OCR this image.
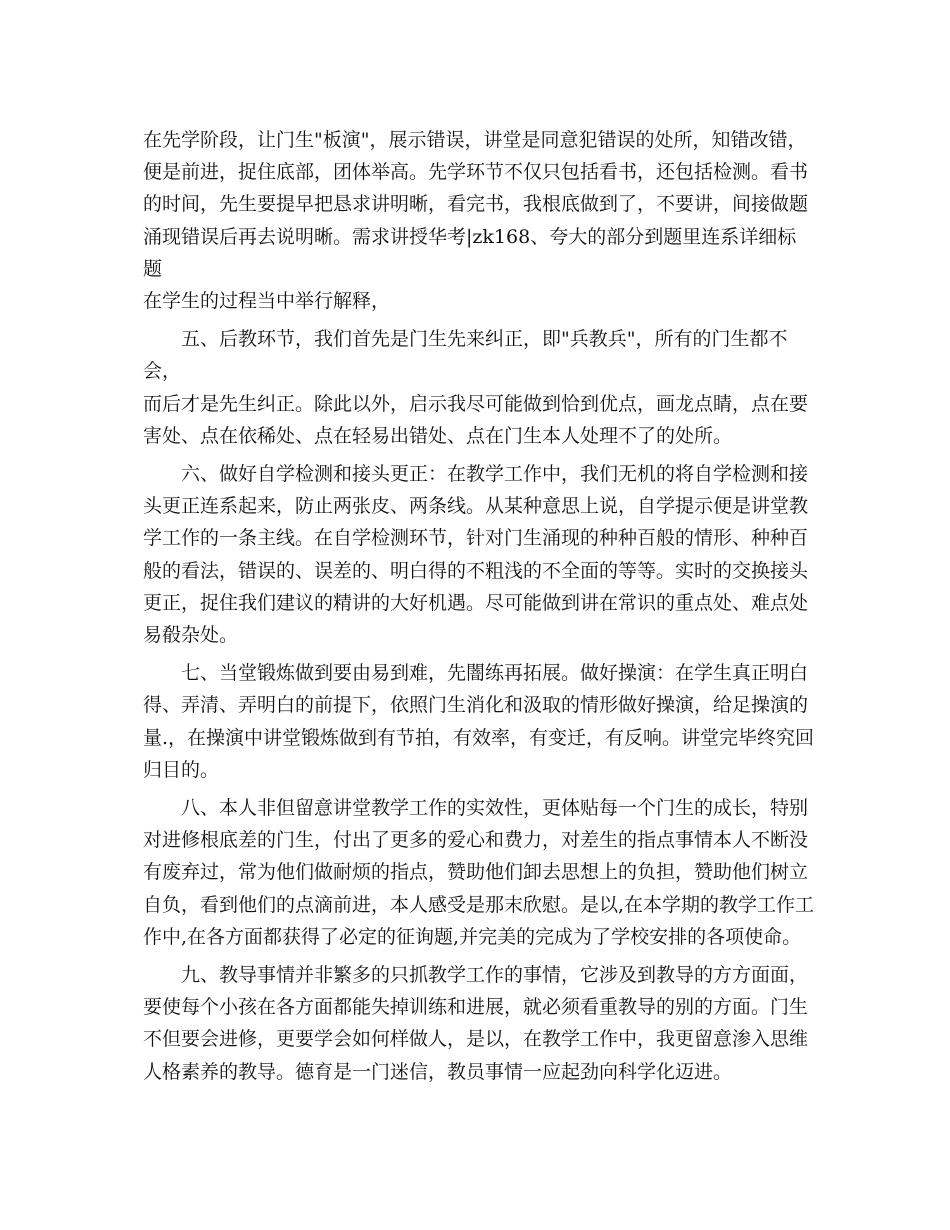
在先学阶段，让门生"板演"，展示错误，讲堂是同意犯错误的处所，知错改错，
便是前进，捉住底部，团体举高。先学环节不仅只包括看书，还包括检测。看书
的时间，先生要提早把恳求讲明晰，看完书，我根底做到了，不要讲，间接做题
涌现错误后再去说明晰。需求讲授华考|zk168、夸大的部分到题里连系详细标题
在学生的过程当中举行解释，

　　五、后教环节，我们首先是门生先来纠正，即"兵教兵"，所有的门生都不会，
而后才是先生纠正。除此以外，启示我尽可能做到恰到优点，画龙点睛，点在要
害处、点在依稀处、点在轻易出错处、点在门生本人处理不了的处所。

　　六、做好自学检测和接头更正：在教学工作中，我们无机的将自学检测和接
头更正连系起来，防止两张皮、两条线。从某种意思上说，自学提示便是讲堂教
学工作的一条主线。在自学检测环节，针对门生涌现的种种百般的情形、种种百
般的看法，错误的、误差的、明白得的不粗浅的不全面的等等。实时的交换接头
更正，捉住我们建议的精讲的大好机遇。尽可能做到讲在常识的重点处、难点处
易殽杂处。

　　七、当堂锻炼做到要由易到难，先闇练再拓展。做好操演：在学生真正明白
得、弄清、弄明白的前提下，依照门生消化和汲取的情形做好操演，给足操演的
量.，在操演中讲堂锻炼做到有节拍，有效率，有变迁，有反响。讲堂完毕终究回
归目的。

　　八、本人非但留意讲堂教学工作的实效性，更体贴每一个门生的成长，特别
对进修根底差的门生，付出了更多的爱心和费力，对差生的指点事情本人不断没
有废弃过，常为他们做耐烦的指点，赞助他们卸去思想上的负担，赞助他们树立
自负，看到他们的点滴前进，本人感受是那末欣慰。是以,在本学期的教学工作工
作中,在各方面都获得了必定的征询题,并完美的完成为了学校安排的各项使命。

　　九、教导事情并非繁多的只抓教学工作的事情，它涉及到教导的方方面面，
要使每个小孩在各方面都能失掉训练和进展，就必须看重教导的别的方面。门生
不但要会进修，更要学会如何样做人，是以，在教学工作中，我更留意渗入思维
人格素养的教导。德育是一门迷信，教员事情一应起劲向科学化迈进。
